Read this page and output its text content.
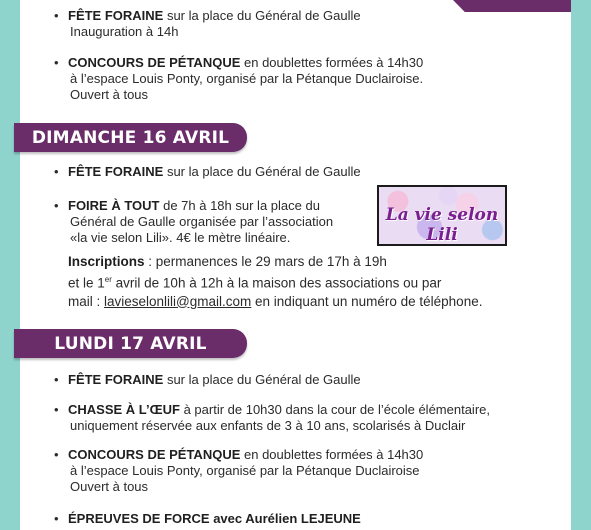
• FÊTE FORAINE sur la place du Général de Gaulle
Inauguration à 14h
• CONCOURS DE PÉTANQUE en doublettes formées à 14h30
à l’espace Louis Ponty, organisé par la Pétanque Duclairoise.
Ouvert à tous
DIMANCHE 16 AVRIL
• FÊTE FORAINE sur la place du Général de Gaulle
• FOIRE À TOUT de 7h à 18h sur la place du
Général de Gaulle organisée par l’association
«la vie selon Lili». 4€ le mètre linéaire.
La vie selon Lili
Inscriptions : permanences le 29 mars de 17h à 19h
et le 1er avril de 10h à 12h à la maison des associations ou par
mail : lavieselonlili@gmail.com en indiquant un numéro de téléphone.
LUNDI 17 AVRIL
• FÊTE FORAINE sur la place du Général de Gaulle
• CHASSE À L’ŒUF à partir de 10h30 dans la cour de l’école élémentaire,
uniquement réservée aux enfants de 3 à 10 ans, scolarisés à Duclair
• CONCOURS DE PÉTANQUE en doublettes formées à 14h30
à l’espace Louis Ponty, organisé par la Pétanque Duclairoise
Ouvert à tous
• ÉPREUVES DE FORCE avec Aurélien LEJEUNE
